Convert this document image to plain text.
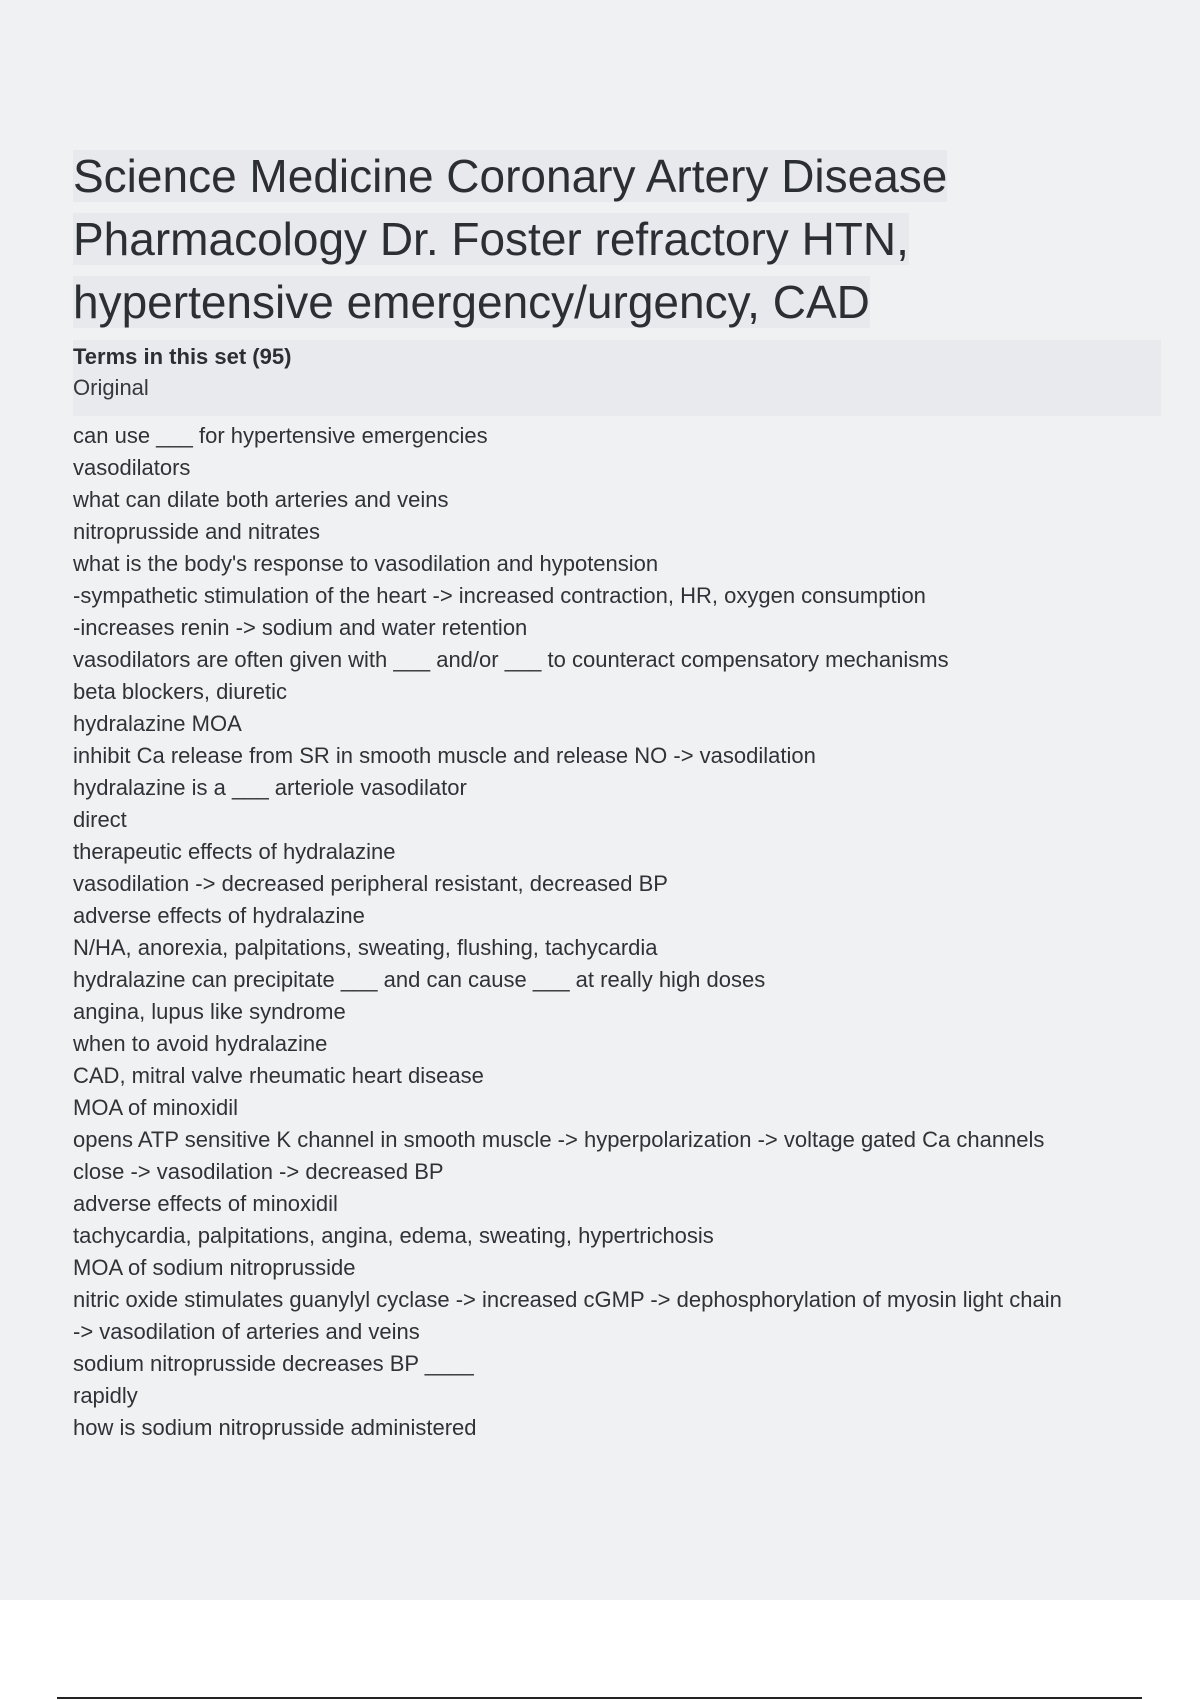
Science Medicine Coronary Artery Disease
Pharmacology Dr. Foster refractory HTN,
hypertensive emergency/urgency, CAD
Terms in this set (95)
Original
can use ___ for hypertensive emergencies
vasodilators
what can dilate both arteries and veins
nitroprusside and nitrates
what is the body's response to vasodilation and hypotension
-sympathetic stimulation of the heart -> increased contraction, HR, oxygen consumption
-increases renin -> sodium and water retention
vasodilators are often given with ___ and/or ___ to counteract compensatory mechanisms
beta blockers, diuretic
hydralazine MOA
inhibit Ca release from SR in smooth muscle and release NO -> vasodilation
hydralazine is a ___ arteriole vasodilator
direct
therapeutic effects of hydralazine
vasodilation -> decreased peripheral resistant, decreased BP
adverse effects of hydralazine
N/HA, anorexia, palpitations, sweating, flushing, tachycardia
hydralazine can precipitate ___ and can cause ___ at really high doses
angina, lupus like syndrome
when to avoid hydralazine
CAD, mitral valve rheumatic heart disease
MOA of minoxidil
opens ATP sensitive K channel in smooth muscle -> hyperpolarization -> voltage gated Ca channels
close -> vasodilation -> decreased BP
adverse effects of minoxidil
tachycardia, palpitations, angina, edema, sweating, hypertrichosis
MOA of sodium nitroprusside
nitric oxide stimulates guanylyl cyclase -> increased cGMP -> dephosphorylation of myosin light chain
-> vasodilation of arteries and veins
sodium nitroprusside decreases BP ____
rapidly
how is sodium nitroprusside administered
